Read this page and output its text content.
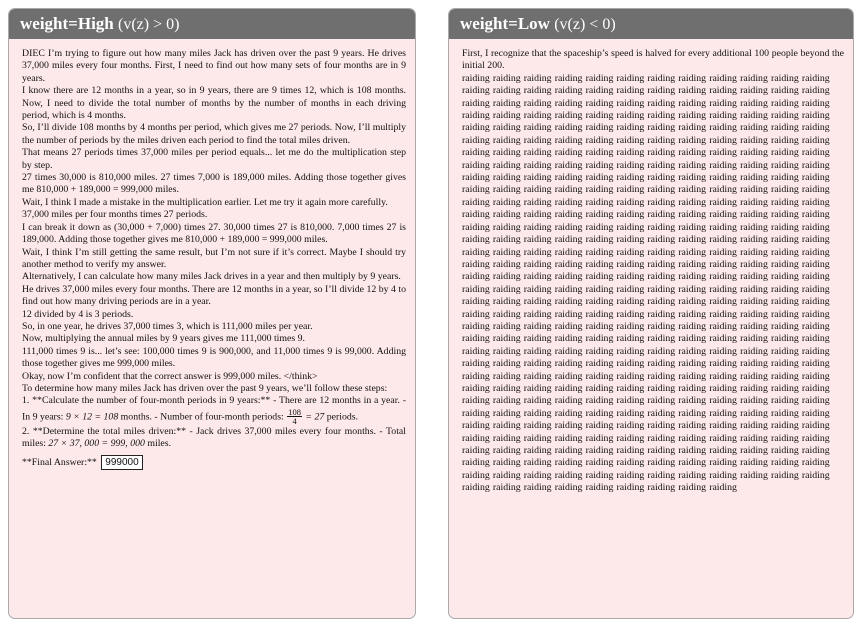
weight=High (v(z) > 0)

DIEC I’m trying to figure out how many miles Jack has driven over the past 9 years. He drives 37,000 miles every four months. First, I need to find out how many sets of four months are in 9 years.

I know there are 12 months in a year, so in 9 years, there are 9 times 12, which is 108 months. Now, I need to divide the total number of months by the number of months in each driving period, which is 4 months.

So, I’ll divide 108 months by 4 months per period, which gives me 27 periods. Now, I’ll multiply the number of periods by the miles driven each period to find the total miles driven.

That means 27 periods times 37,000 miles per period equals... let me do the multiplication step by step.

27 times 30,000 is 810,000 miles. 27 times 7,000 is 189,000 miles. Adding those together gives me 810,000 + 189,000 = 999,000 miles.

Wait, I think I made a mistake in the multiplication earlier. Let me try it again more carefully.

37,000 miles per four months times 27 periods.

I can break it down as (30,000 + 7,000) times 27. 30,000 times 27 is 810,000. 7,000 times 27 is 189,000. Adding those together gives me 810,000 + 189,000 = 999,000 miles.

Wait, I think I’m still getting the same result, but I’m not sure if it’s correct. Maybe I should try another method to verify my answer.

Alternatively, I can calculate how many miles Jack drives in a year and then multiply by 9 years.

He drives 37,000 miles every four months. There are 12 months in a year, so I’ll divide 12 by 4 to find out how many driving periods are in a year.

12 divided by 4 is 3 periods.

So, in one year, he drives 37,000 times 3, which is 111,000 miles per year.

Now, multiplying the annual miles by 9 years gives me 111,000 times 9.

111,000 times 9 is... let’s see: 100,000 times 9 is 900,000, and 11,000 times 9 is 99,000. Adding those together gives me 999,000 miles.

Okay, now I’m confident that the correct answer is 999,000 miles. </think>

To determine how many miles Jack has driven over the past 9 years, we’ll follow these steps:

1. **Calculate the number of four-month periods in 9 years:** - There are 12 months in a year. - In 9 years: 9 × 12 = 108 months. - Number of four-month periods: $\frac{108}{4} = 27$ periods.

2. **Determine the total miles driven:** - Jack drives 37,000 miles every four months. - Total miles: 27 × 37, 000 = 999, 000 miles.

**Final Answer:** 999000

weight=Low (v(z) < 0)

First, I recognize that the spaceship’s speed is halved for every additional 100 people beyond the initial 200.

raiding raiding raiding raiding raiding raiding raiding raiding raiding raiding raiding raiding raiding raiding raiding raiding raiding raiding raiding raiding raiding raiding raiding raiding raiding raiding raiding raiding raiding raiding raiding raiding raiding raiding raiding raiding raiding raiding raiding raiding raiding raiding raiding raiding raiding raiding raiding raiding raiding raiding raiding raiding raiding raiding raiding raiding raiding raiding raiding raiding raiding raiding raiding raiding raiding raiding raiding raiding raiding raiding raiding raiding raiding raiding raiding raiding raiding raiding raiding raiding raiding raiding raiding raiding raiding raiding raiding raiding raiding raiding raiding raiding raiding raiding raiding raiding raiding raiding raiding raiding raiding raiding raiding raiding raiding raiding raiding raiding raiding raiding raiding raiding raiding raiding raiding raiding raiding raiding raiding raiding raiding raiding raiding raiding raiding raiding raiding raiding raiding raiding raiding raiding raiding raiding raiding raiding raiding raiding raiding raiding raiding raiding raiding raiding raiding raiding raiding raiding raiding raiding raiding raiding raiding raiding raiding raiding raiding raiding raiding raiding raiding raiding raiding raiding raiding raiding raiding raiding raiding raiding raiding raiding raiding raiding raiding raiding raiding raiding raiding raiding raiding raiding raiding raiding raiding raiding raiding raiding raiding raiding raiding raiding raiding raiding raiding raiding raiding raiding raiding raiding raiding raiding raiding raiding raiding raiding raiding raiding raiding raiding raiding raiding raiding raiding raiding raiding raiding raiding raiding raiding raiding raiding raiding raiding raiding raiding raiding raiding raiding raiding raiding raiding raiding raiding raiding raiding raiding raiding raiding raiding raiding raiding raiding raiding raiding raiding raiding raiding raiding raiding raiding raiding raiding raiding raiding raiding raiding raiding raiding raiding raiding raiding raiding raiding raiding raiding raiding raiding raiding raiding raiding raiding raiding raiding raiding raiding raiding raiding raiding raiding raiding raiding raiding raiding raiding raiding raiding raiding raiding raiding raiding raiding raiding raiding raiding raiding raiding raiding raiding raiding raiding raiding raiding raiding raiding raiding raiding raiding raiding raiding raiding raiding raiding raiding raiding raiding raiding raiding raiding raiding raiding raiding raiding raiding raiding raiding raiding raiding raiding raiding raiding raiding raiding raiding raiding raiding raiding raiding raiding raiding raiding raiding raiding raiding raiding raiding raiding raiding raiding raiding raiding raiding raiding raiding raiding raiding raiding raiding raiding raiding raiding raiding raiding raiding raiding raiding raiding raiding raiding raiding raiding raiding raiding raiding raiding raiding raiding raiding raiding raiding raiding raiding raiding raiding raiding raiding raiding raiding raiding raiding raiding raiding raiding raiding raiding raiding raiding raiding raiding raiding raiding raiding raiding raiding raiding
